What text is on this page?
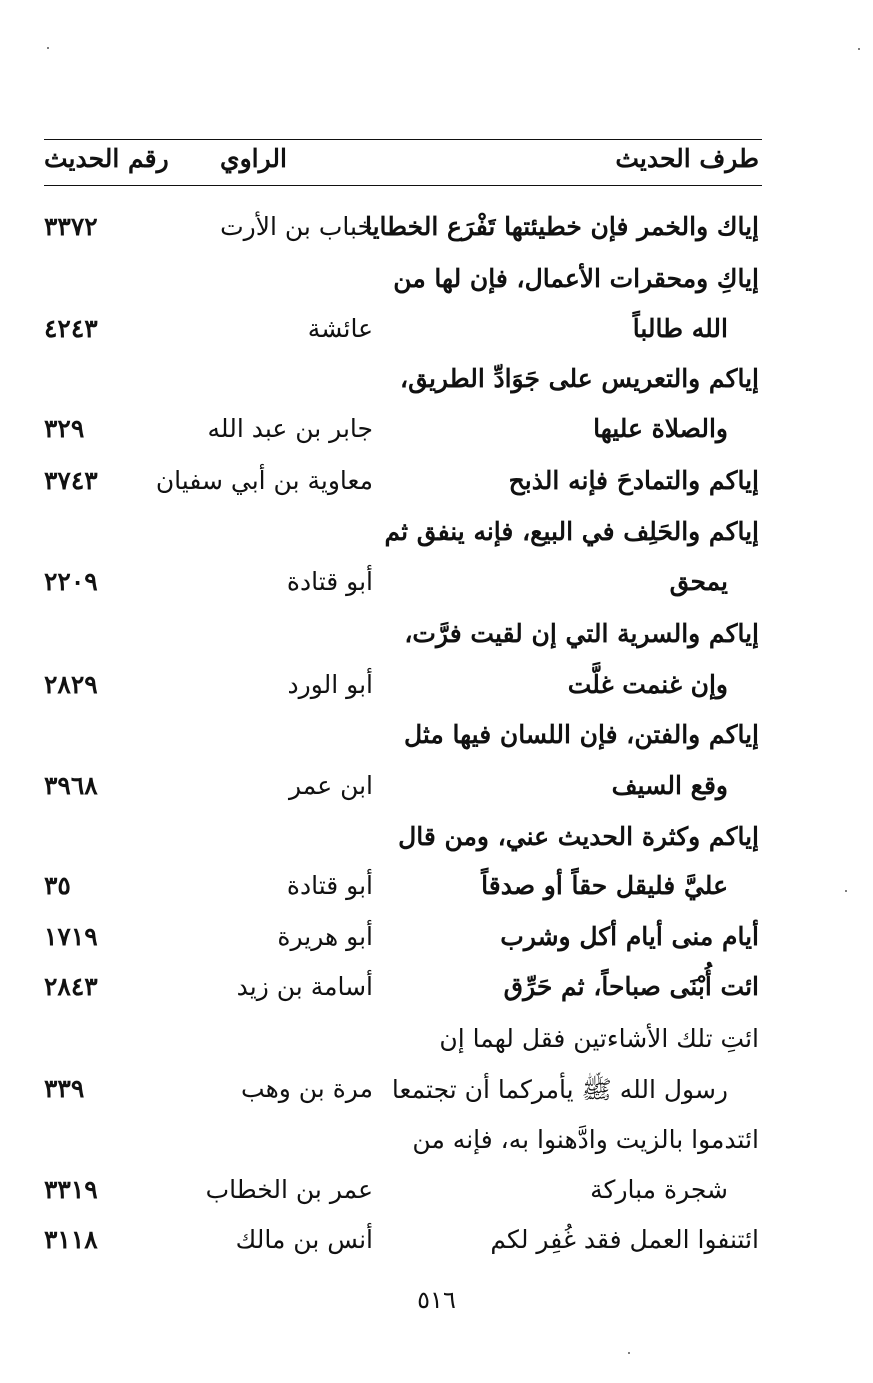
طرف الحديث
الراوي
رقم الحديث
إياك والخمر فإن خطيئتها تَفْرَع الخطايا
خباب بن الأرت
٣٣٧٢
إياكِ ومحقرات الأعمال، فإن لها من
الله طالباً
عائشة
٤٢٤٣
إياكم والتعريس على جَوَادِّ الطريق،
والصلاة عليها
جابر بن عبد الله
٣٢٩
إياكم والتمادحَ فإنه الذبح
معاوية بن أبي سفيان
٣٧٤٣
إياكم والحَلِف في البيع، فإنه ينفق ثم
يمحق
أبو قتادة
٢٢٠٩
إياكم والسرية التي إن لقيت فرَّت،
وإن غنمت غلَّت
أبو الورد
٢٨٢٩
إياكم والفتن، فإن اللسان فيها مثل
وقع السيف
ابن عمر
٣٩٦٨
إياكم وكثرة الحديث عني، ومن قال
عليَّ فليقل حقاً أو صدقاً
أبو قتادة
٣٥
أيام منى أيام أكل وشرب
أبو هريرة
١٧١٩
ائت أُبْنَى صباحاً، ثم حَرِّق
أسامة بن زيد
٢٨٤٣
ائتِ تلك الأشاءتين فقل لهما إن
رسول الله ﷺ يأمركما أن تجتمعا
مرة بن وهب
٣٣٩
ائتدموا بالزيت وادَّهنوا به، فإنه من
شجرة مباركة
عمر بن الخطاب
٣٣١٩
ائتنفوا العمل فقد غُفِر لكم
أنس بن مالك
٣١١٨
٥١٦
